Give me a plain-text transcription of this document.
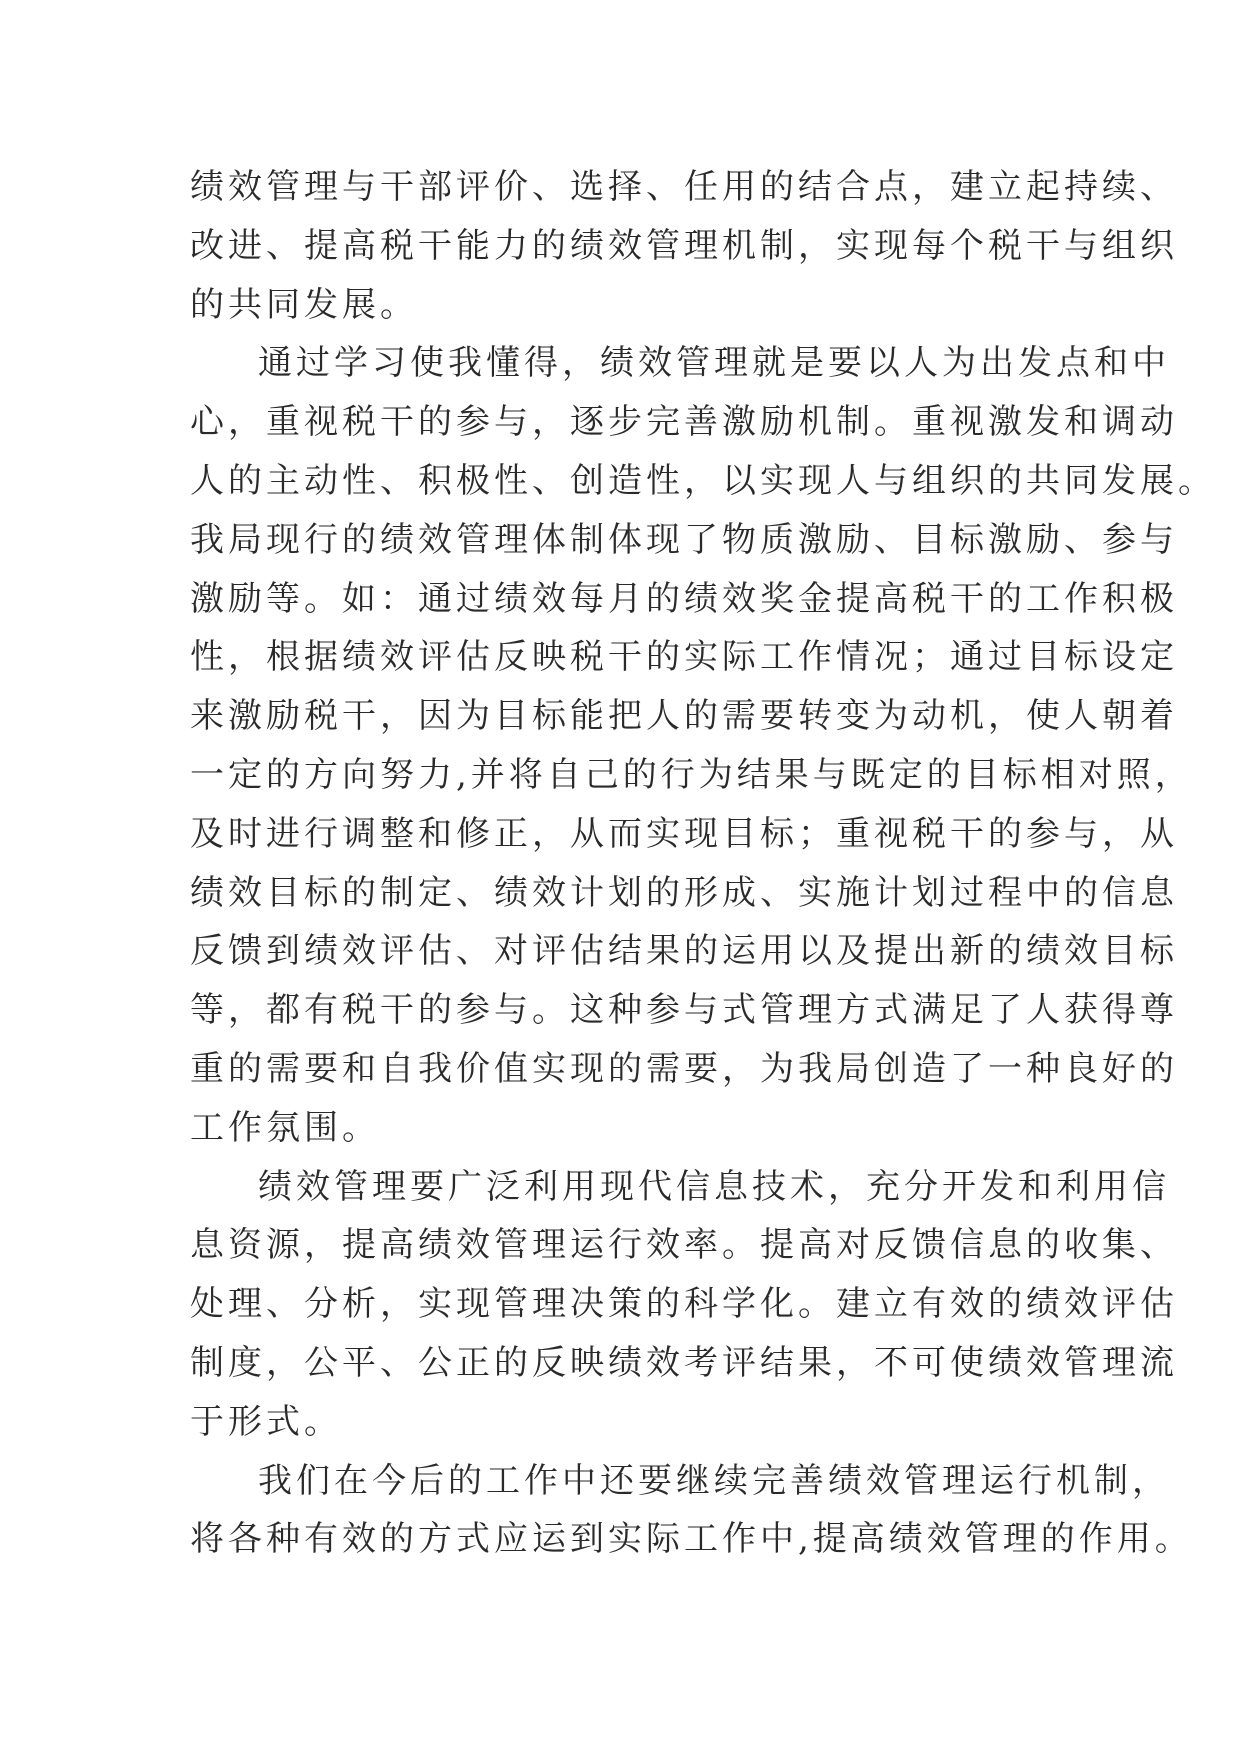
绩效管理与干部评价、选择、任用的结合点，建立起持续、
改进、提高税干能力的绩效管理机制，实现每个税干与组织
的共同发展。
通过学习使我懂得，绩效管理就是要以人为出发点和中
心，重视税干的参与，逐步完善激励机制。重视激发和调动
人的主动性、积极性、创造性，以实现人与组织的共同发展。
我局现行的绩效管理体制体现了物质激励、目标激励、参与
激励等。如：通过绩效每月的绩效奖金提高税干的工作积极
性，根据绩效评估反映税干的实际工作情况；通过目标设定
来激励税干，因为目标能把人的需要转变为动机，使人朝着
一定的方向努力,并将自己的行为结果与既定的目标相对照，
及时进行调整和修正，从而实现目标；重视税干的参与，从
绩效目标的制定、绩效计划的形成、实施计划过程中的信息
反馈到绩效评估、对评估结果的运用以及提出新的绩效目标
等，都有税干的参与。这种参与式管理方式满足了人获得尊
重的需要和自我价值实现的需要，为我局创造了一种良好的
工作氛围。
绩效管理要广泛利用现代信息技术，充分开发和利用信
息资源，提高绩效管理运行效率。提高对反馈信息的收集、
处理、分析，实现管理决策的科学化。建立有效的绩效评估
制度，公平、公正的反映绩效考评结果，不可使绩效管理流
于形式。
我们在今后的工作中还要继续完善绩效管理运行机制，
将各种有效的方式应运到实际工作中,提高绩效管理的作用。
